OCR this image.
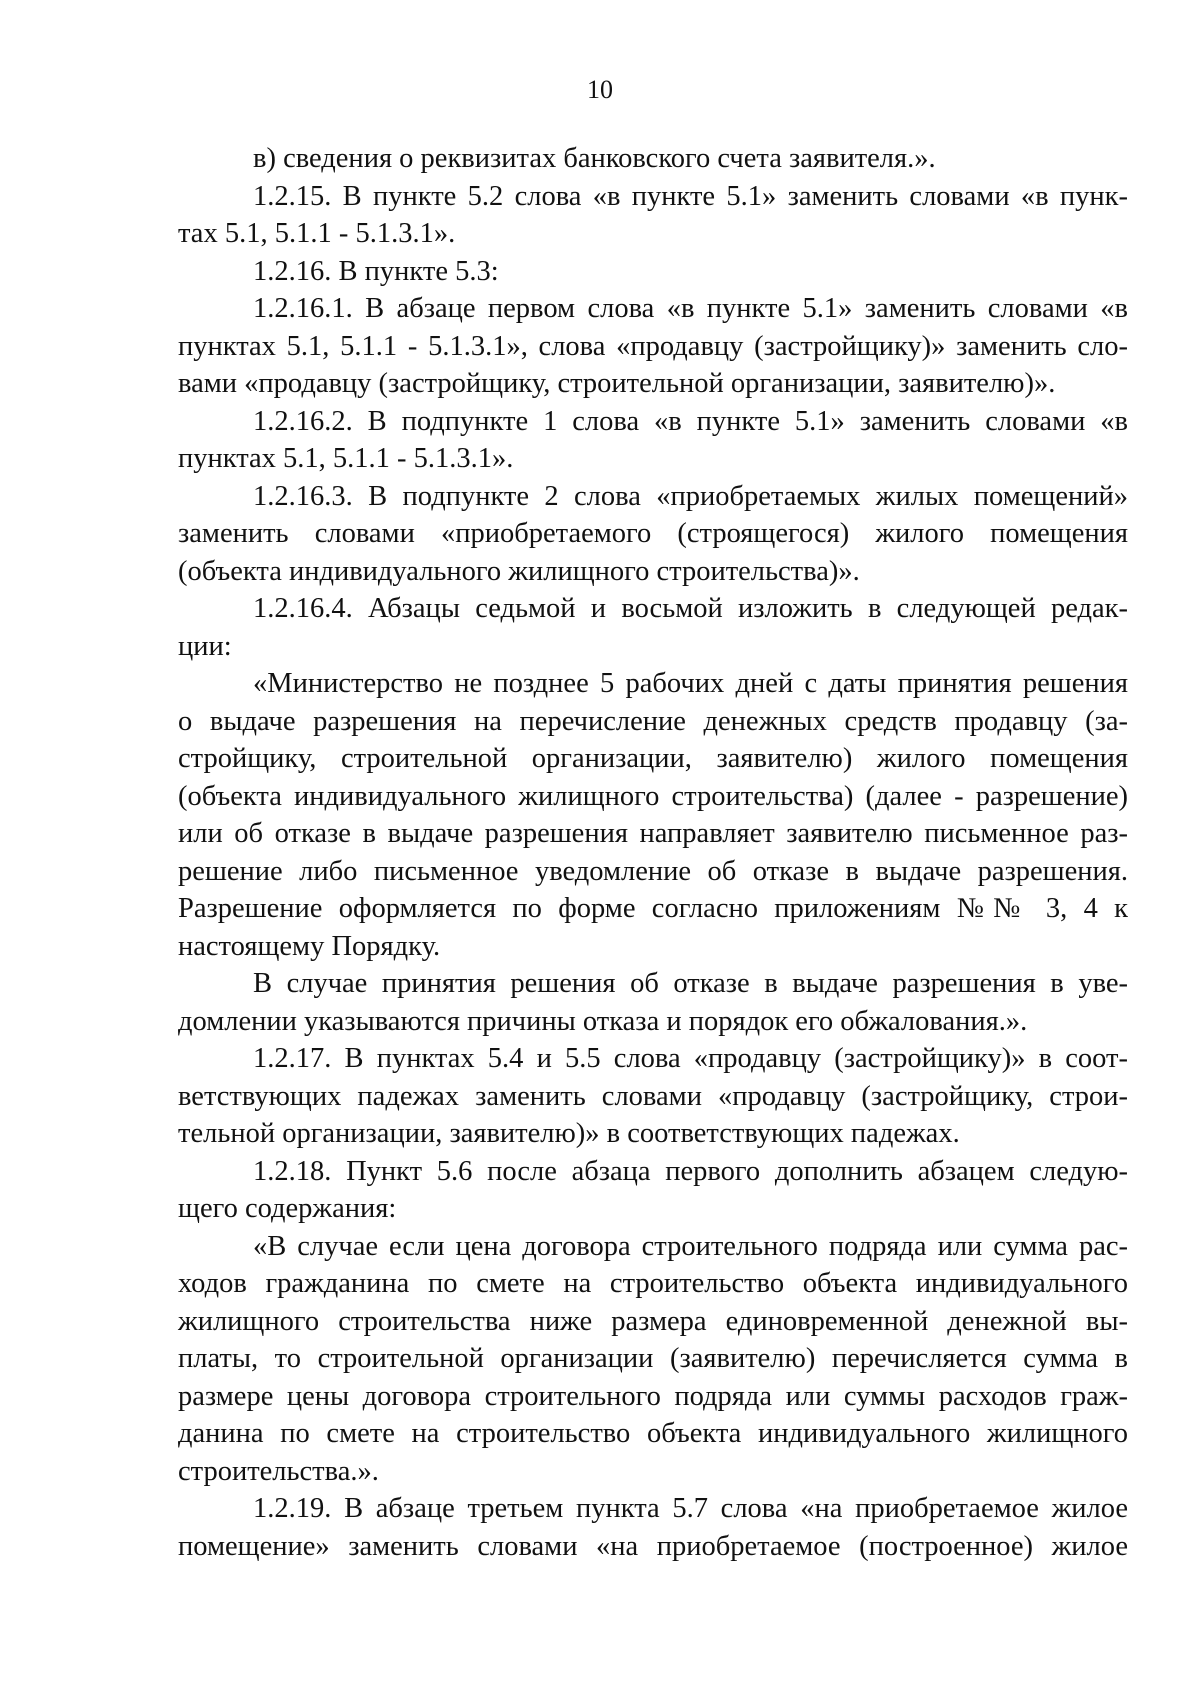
10
в) сведения о реквизитах банковского счета заявителя.».
1.2.15. В пункте 5.2 слова «в пункте 5.1» заменить словами «в пунк-
тах 5.1, 5.1.1 - 5.1.3.1».
1.2.16. В пункте 5.3:
1.2.16.1. В абзаце первом слова «в пункте 5.1» заменить словами «в
пунктах 5.1, 5.1.1 - 5.1.3.1», слова «продавцу (застройщику)» заменить сло-
вами «продавцу (застройщику, строительной организации, заявителю)».
1.2.16.2. В подпункте 1 слова «в пункте 5.1» заменить словами «в
пунктах 5.1, 5.1.1 - 5.1.3.1».
1.2.16.3. В подпункте 2 слова «приобретаемых жилых помещений»
заменить словами «приобретаемого (строящегося) жилого помещения
(объекта индивидуального жилищного строительства)».
1.2.16.4. Абзацы седьмой и восьмой изложить в следующей редак-
ции:
«Министерство не позднее 5 рабочих дней с даты принятия решения
о выдаче разрешения на перечисление денежных средств продавцу (за-
стройщику, строительной организации, заявителю) жилого помещения
(объекта индивидуального жилищного строительства) (далее - разрешение)
или об отказе в выдаче разрешения направляет заявителю письменное раз-
решение либо письменное уведомление об отказе в выдаче разрешения.
Разрешение оформляется по форме согласно приложениям №№ 3, 4 к
настоящему Порядку.
В случае принятия решения об отказе в выдаче разрешения в уве-
домлении указываются причины отказа и порядок его обжалования.».
1.2.17. В пунктах 5.4 и 5.5 слова «продавцу (застройщику)» в соот-
ветствующих падежах заменить словами «продавцу (застройщику, строи-
тельной организации, заявителю)» в соответствующих падежах.
1.2.18. Пункт 5.6 после абзаца первого дополнить абзацем следую-
щего содержания:
«В случае если цена договора строительного подряда или сумма рас-
ходов гражданина по смете на строительство объекта индивидуального
жилищного строительства ниже размера единовременной денежной вы-
платы, то строительной организации (заявителю) перечисляется сумма в
размере цены договора строительного подряда или суммы расходов граж-
данина по смете на строительство объекта индивидуального жилищного
строительства.».
1.2.19. В абзаце третьем пункта 5.7 слова «на приобретаемое жилое
помещение» заменить словами «на приобретаемое (построенное) жилое
